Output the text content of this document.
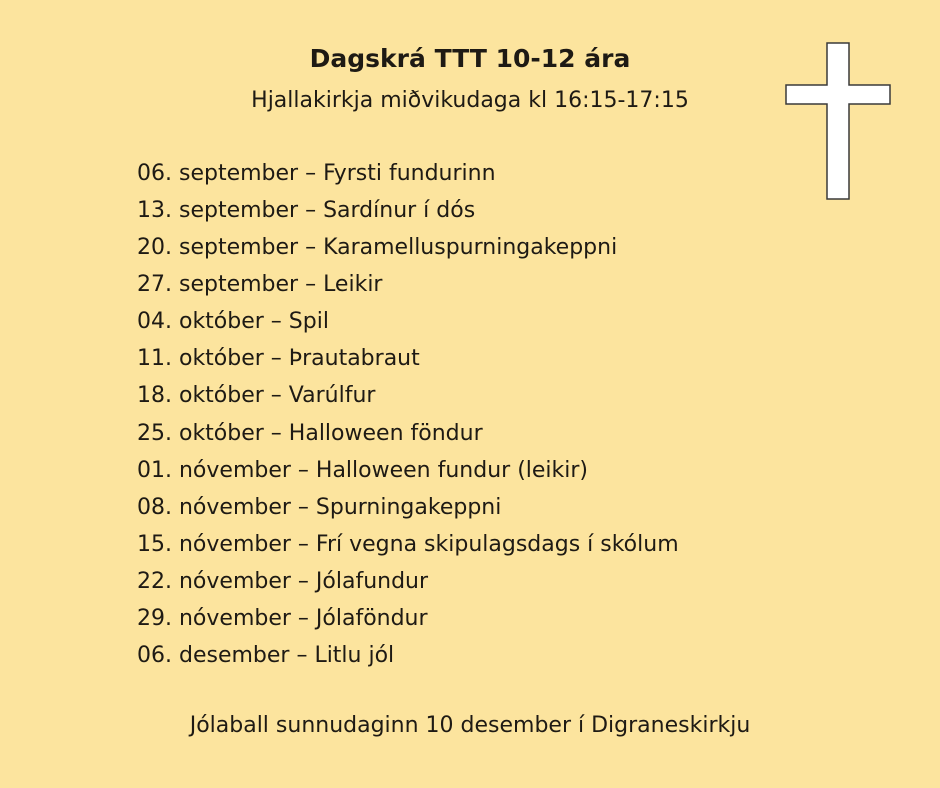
Dagskrá TTT 10-12 ára
Hjallakirkja miðvikudaga kl 16:15-17:15
06. september – Fyrsti fundurinn
13. september – Sardínur í dós
20. september – Karamelluspurningakeppni
27. september – Leikir
04. október – Spil
11. október – Þrautabraut
18. október – Varúlfur
25. október – Halloween föndur
01. nóvember – Halloween fundur (leikir)
08. nóvember – Spurningakeppni
15. nóvember – Frí vegna skipulagsdags í skólum
22. nóvember – Jólafundur
29. nóvember – Jólaföndur
06. desember – Litlu jól
Jólaball sunnudaginn 10 desember í Digraneskirkju
